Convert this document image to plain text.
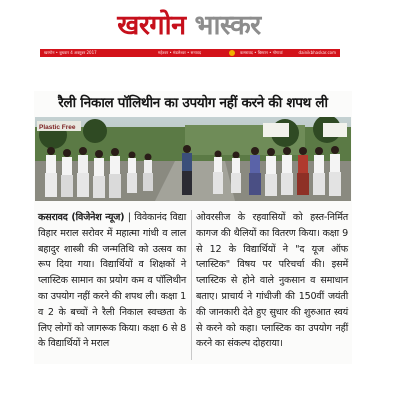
खरगोन भास्कर
खरगोन • बुधवार 4 अक्टूबर 2017	महेश्वर • मंडलेश्वर • सनावद	कसरावद • बिस्टान • गोगावां	dainikbhaskar.com
रैली निकाल पॉलिथीन का उपयोग नहीं करने की शपथ ली
Plastic Free
कसरावद (विजेनेश न्यूज) | विवेकानंद विद्या विहार मराल सरोवर में महात्मा गांधी व लाल बहादुर शास्त्री की जन्मतिथि को उत्सव का रूप दिया गया। विद्यार्थियों व शिक्षकों ने प्लास्टिक सामान का प्रयोग कम व पॉलिथीन का उपयोग नहीं करने की शपथ ली। कक्षा 1 व 2 के बच्चों ने रैली निकाल स्वच्छता के लिए लोगों को जागरूक किया। कक्षा 6 से 8 के विद्यार्थियों ने मराल
ओवरसीज के रहवासियों को हस्त-निर्मित कागज की थैलियों का वितरण किया। कक्षा 9 से 12 के विद्यार्थियों ने "द यूज ऑफ प्लास्टिक" विषय पर परिचर्चा की। इसमें प्लास्टिक से होने वाले नुकसान व समाधान बताए। प्राचार्य ने गांधीजी की 150वीं जयंती की जानकारी देते हुए सुधार की शुरुआत स्वयं से करने को कहा। प्लास्टिक का उपयोग नहीं करने का संकल्प दोहराया।
